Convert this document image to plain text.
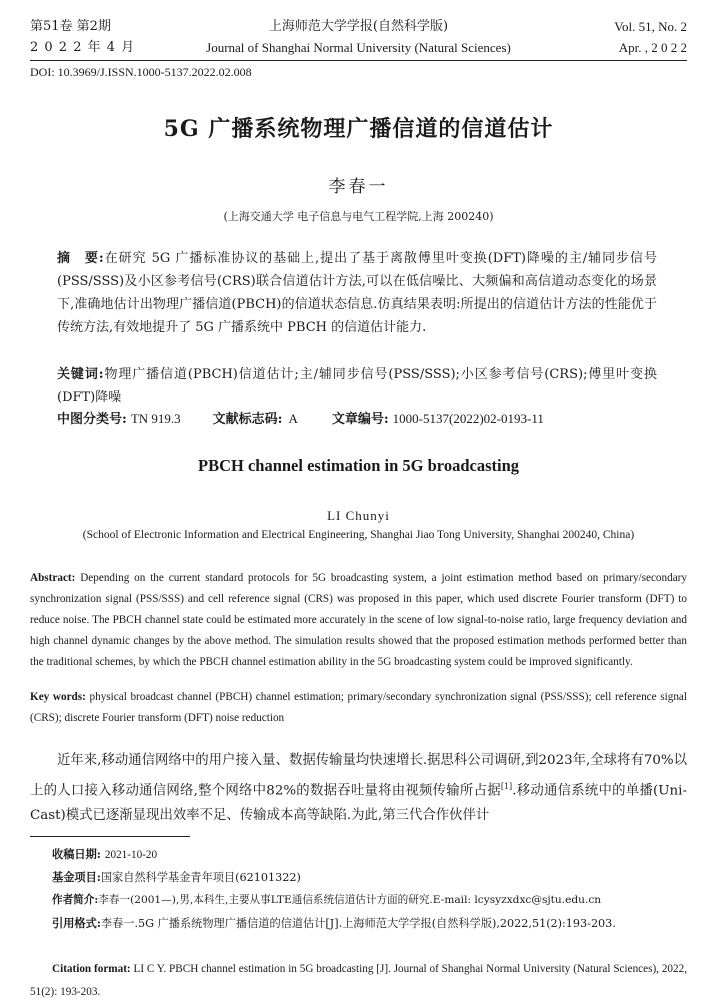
第51卷 第2期
2 0 2 2 年 4 月
上海师范大学学报(自然科学版)
Journal of Shanghai Normal University (Natural Sciences)
Vol. 51, No. 2
Apr. , 2 0 2 2
DOI: 10.3969/J.ISSN.1000-5137.2022.02.008
5G 广播系统物理广播信道的信道估计
李春一
(上海交通大学 电子信息与电气工程学院,上海 200240)
摘　要:在研究 5G 广播标准协议的基础上,提出了基于离散傅里叶变换(DFT)降噪的主/辅同步信号(PSS/SSS)及小区参考信号(CRS)联合信道估计方法,可以在低信噪比、大频偏和高信道动态变化的场景下,准确地估计出物理广播信道(PBCH)的信道状态信息.仿真结果表明:所提出的信道估计方法的性能优于传统方法,有效地提升了 5G 广播系统中 PBCH 的信道估计能力.
关键词:物理广播信道(PBCH)信道估计;主/辅同步信号(PSS/SSS);小区参考信号(CRS);傅里叶变换(DFT)降噪
中图分类号: TN 919.3 文献标志码: A	文章编号: 1000-5137(2022)02-0193-11
PBCH channel estimation in 5G broadcasting
LI Chunyi
(School of Electronic Information and Electrical Engineering, Shanghai Jiao Tong University, Shanghai 200240, China)
Abstract: Depending on the current standard protocols for 5G broadcasting system, a joint estimation method based on primary/secondary synchronization signal (PSS/SSS) and cell reference signal (CRS) was proposed in this paper, which used discrete Fourier transform (DFT) to reduce noise. The PBCH channel state could be estimated more accurately in the scene of low signal-to-noise ratio, large frequency deviation and high channel dynamic changes by the above method. The simulation results showed that the proposed estimation methods performed better than the traditional schemes, by which the PBCH channel estimation ability in the 5G broadcasting system could be improved significantly.
Key words: physical broadcast channel (PBCH) channel estimation; primary/secondary synchronization signal (PSS/SSS); cell reference signal (CRS); discrete Fourier transform (DFT) noise reduction
近年来,移动通信网络中的用户接入量、数据传输量均快速增长.据思科公司调研,到2023年,全球将有70%以上的人口接入移动通信网络,整个网络中82%的数据吞吐量将由视频传输所占据[1].移动通信系统中的单播(Uni-Cast)模式已逐渐显现出效率不足、传输成本高等缺陷.为此,第三代合作伙伴计
收稿日期: 2021-10-20
基金项目:国家自然科学基金青年项目(62101322)
作者简介:李春一(2001—),男,本科生,主要从事LTE通信系统信道估计方面的研究.E-mail: lcysyzxdxc@sjtu.edu.cn
引用格式:李春一.5G 广播系统物理广播信道的信道估计[J].上海师范大学学报(自然科学版),2022,51(2):193-203.
Citation format: LI C Y. PBCH channel estimation in 5G broadcasting [J]. Journal of Shanghai Normal University (Natural Sciences), 2022, 51(2): 193-203.
